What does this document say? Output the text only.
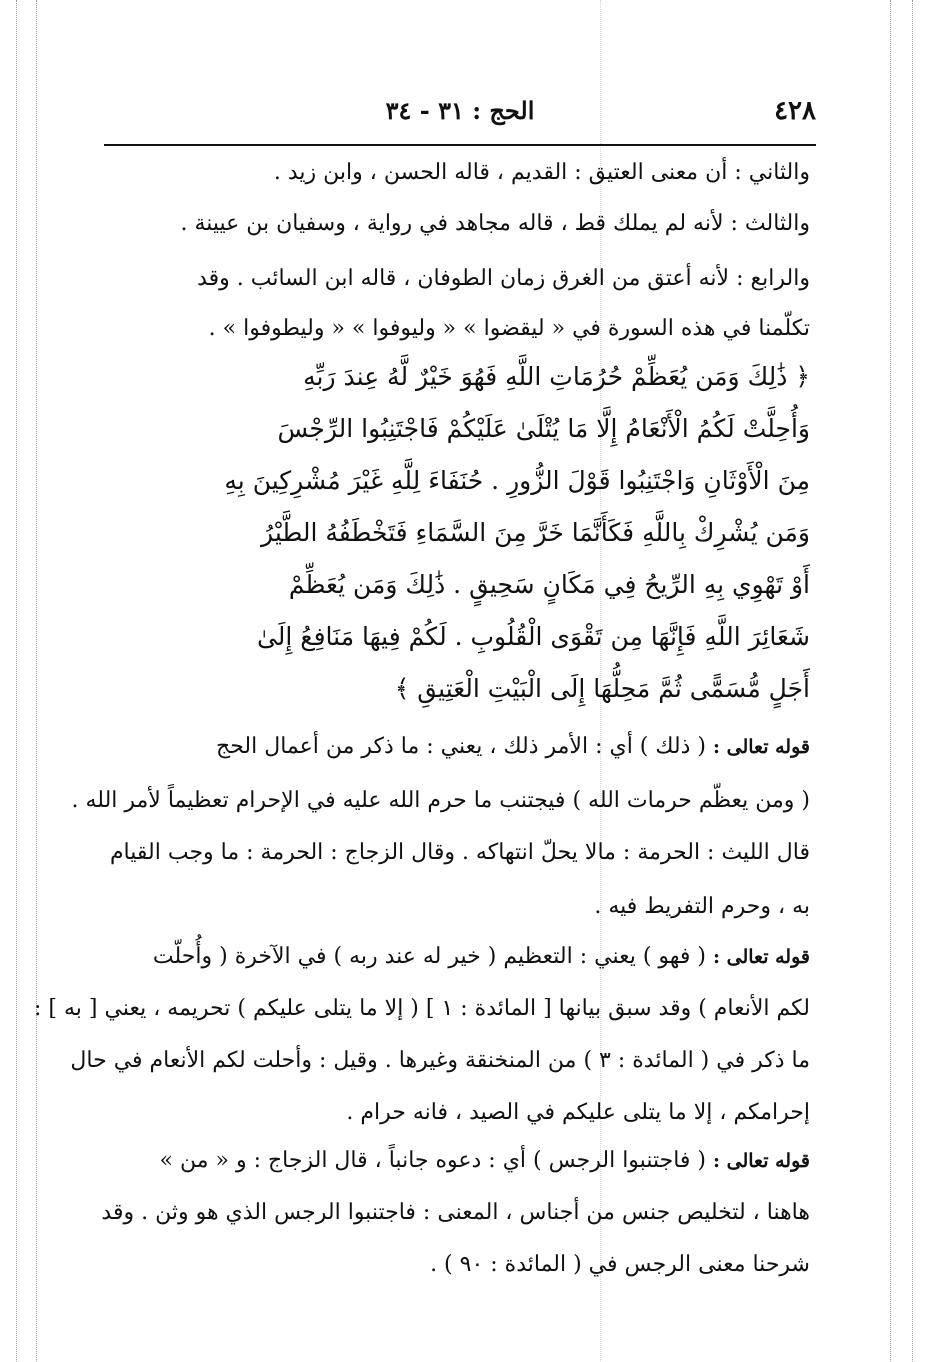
٤٢٨
الحج : ٣١ - ٣٤
والثاني : أن معنى العتيق : القديم ، قاله الحسن ، وابن زيد .
والثالث : لأنه لم يملك قط ، قاله مجاهد في رواية ، وسفيان بن عيينة .
والرابع : لأنه أعتق من الغرق زمان الطوفان ، قاله ابن السائب . وقد
تكلّمنا في هذه السورة في « ليقضوا » « وليوفوا » « وليطوفوا » .
﴿ ذَٰلِكَ وَمَن يُعَظِّمْ حُرُمَاتِ اللَّهِ فَهُوَ خَيْرٌ لَّهُ عِندَ رَبِّهِ
وَأُحِلَّتْ لَكُمُ الْأَنْعَامُ إِلَّا مَا يُتْلَىٰ عَلَيْكُمْ فَاجْتَنِبُوا الرِّجْسَ
مِنَ الْأَوْثَانِ وَاجْتَنِبُوا قَوْلَ الزُّورِ . حُنَفَاءَ لِلَّهِ غَيْرَ مُشْرِكِينَ بِهِ
وَمَن يُشْرِكْ بِاللَّهِ فَكَأَنَّمَا خَرَّ مِنَ السَّمَاءِ فَتَخْطَفُهُ الطَّيْرُ
أَوْ تَهْوِي بِهِ الرِّيحُ فِي مَكَانٍ سَحِيقٍ . ذَٰلِكَ وَمَن يُعَظِّمْ
شَعَائِرَ اللَّهِ فَإِنَّهَا مِن تَقْوَى الْقُلُوبِ . لَكُمْ فِيهَا مَنَافِعُ إِلَىٰ
أَجَلٍ مُّسَمًّى ثُمَّ مَحِلُّهَا إِلَى الْبَيْتِ الْعَتِيقِ ﴾
قوله تعالى : ( ذلك ) أي : الأمر ذلك ، يعني : ما ذكر من أعمال الحج
( ومن يعظّم حرمات الله ) فيجتنب ما حرم الله عليه في الإحرام تعظيماً لأمر الله .
قال الليث : الحرمة : مالا يحلّ انتهاكه . وقال الزجاج : الحرمة : ما وجب القيام
به ، وحرم التفريط فيه .
قوله تعالى : ( فهو ) يعني : التعظيم ( خير له عند ربه ) في الآخرة ( وأُحلّت
لكم الأنعام ) وقد سبق بيانها [ المائدة : ١ ] ( إلا ما يتلى عليكم ) تحريمه ، يعني [ به ] :
ما ذكر في ( المائدة : ٣ ) من المنخنقة وغيرها . وقيل : وأحلت لكم الأنعام في حال
إحرامكم ، إلا ما يتلى عليكم في الصيد ، فانه حرام .
قوله تعالى : ( فاجتنبوا الرجس ) أي : دعوه جانباً ، قال الزجاج : و « من »
هاهنا ، لتخليص جنس من أجناس ، المعنى : فاجتنبوا الرجس الذي هو وثن . وقد
شرحنا معنى الرجس في ( المائدة : ٩٠ ) .
